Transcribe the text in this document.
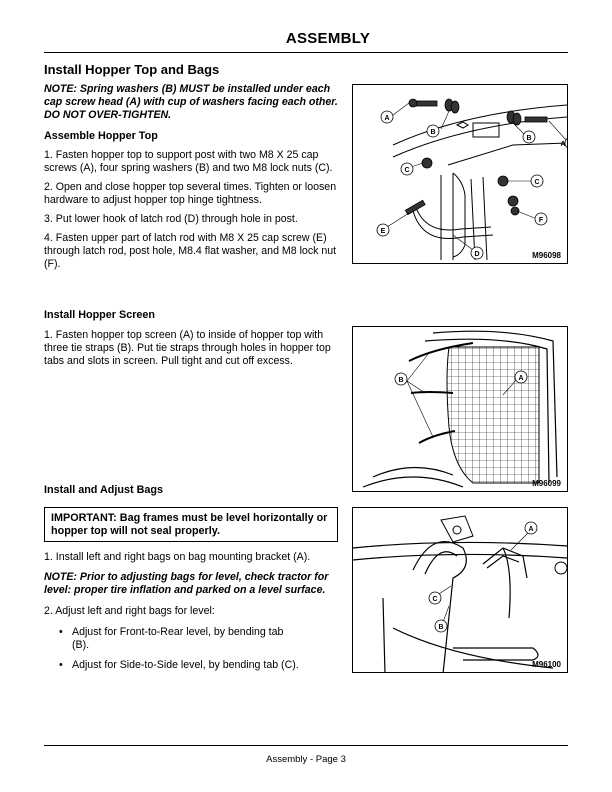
ASSEMBLY
Install Hopper Top and Bags
NOTE: Spring washers (B) MUST be installed under each cap screw head (A) with cup of washers facing each other. DO NOT OVER-TIGHTEN.
Assemble Hopper Top

1. Fasten hopper top to support post with two M8 X 25 cap screws (A), four spring washers (B) and two M8 lock nuts (C).

2. Open and close hopper top several times. Tighten or loosen hardware to adjust hopper top hinge tightness.

3. Put lower hook of latch rod (D) through hole in post.

4. Fasten upper part of latch rod with M8 X 25 cap screw (E) through latch rod, post hole, M8.4 flat washer, and M8 lock nut (F).

Install Hopper Screen

1. Fasten hopper top screen (A) to inside of hopper top with three tie straps (B). Put tie straps through holes in hopper top tabs and slots in screen. Pull tight and cut off excess.

Install and Adjust Bags
IMPORTANT: Bag frames must be level horizontally or hopper top will not seal properly.

1. Install left and right bags on bag mounting bracket (A).

NOTE: Prior to adjusting bags for level, check tractor for level: proper tire inflation and parked on a level surface.

2. Adjust left and right bags for level:

• Adjust for Front-to-Rear level, by bending tab (B).
• Adjust for Side-to-Side level, by bending tab (C).
A
B
B
A
C
C
D
E
F
M96098
B	A
M96099
A
C
B
M96100
Assembly - Page 3
